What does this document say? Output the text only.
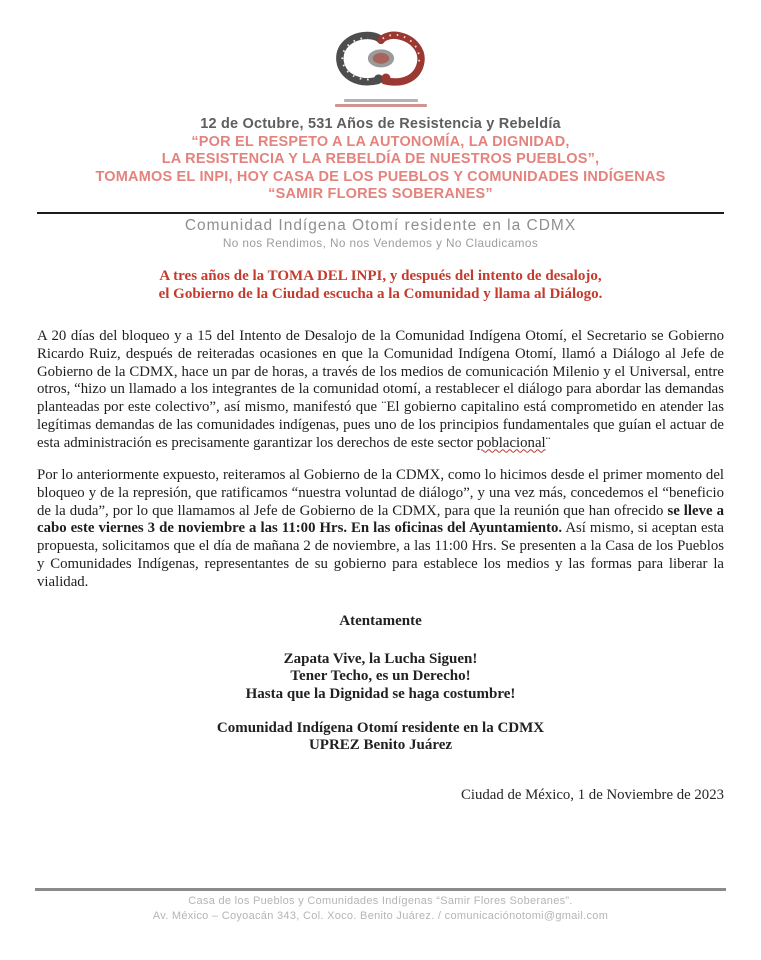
12 de Octubre, 531 Años de Resistencia y Rebeldía
“POR EL RESPETO A LA AUTONOMÍA, LA DIGNIDAD,
LA RESISTENCIA Y LA REBELDÍA DE NUESTROS PUEBLOS”,
TOMAMOS EL INPI, HOY CASA DE LOS PUEBLOS Y COMUNIDADES INDÍGENAS
“SAMIR FLORES SOBERANES”
Comunidad Indígena Otomí residente en la CDMX
No nos Rendimos, No nos Vendemos y No Claudicamos
A tres años de la TOMA DEL INPI, y después del intento de desalojo,
el Gobierno de la Ciudad escucha a la Comunidad y llama al Diálogo.

A 20 días del bloqueo y a 15 del Intento de Desalojo de la Comunidad Indígena Otomí, el Secretario se Gobierno Ricardo Ruiz, después de reiteradas ocasiones en que la Comunidad Indígena Otomí, llamó a Diálogo al Jefe de Gobierno de la CDMX, hace un par de horas, a través de los medios de comunicación Milenio y el Universal, entre otros, “hizo un llamado a los integrantes de la comunidad otomí, a restablecer el diálogo para abordar las demandas planteadas por este colectivo”, así mismo, manifestó que ¨El gobierno capitalino está comprometido en atender las legítimas demandas de las comunidades indígenas, pues uno de los principios fundamentales que guían el actuar de esta administración es precisamente garantizar los derechos de este sector poblacional¨

Por lo anteriormente expuesto, reiteramos al Gobierno de la CDMX, como lo hicimos desde el primer momento del bloqueo y de la represión, que ratificamos “nuestra voluntad de diálogo”, y una vez más, concedemos el “beneficio de la duda”, por lo que llamamos al Jefe de Gobierno de la CDMX, para que la reunión que han ofrecido se lleve a cabo este viernes 3 de noviembre a las 11:00 Hrs. En las oficinas del Ayuntamiento. Así mismo, si aceptan esta propuesta, solicitamos que el día de mañana 2 de noviembre, a las 11:00 Hrs. Se presenten a la Casa de los Pueblos y Comunidades Indígenas, representantes de su gobierno para establece los medios y las formas para liberar la vialidad.

Atentamente
Zapata Vive, la Lucha Siguen!
Tener Techo, es un Derecho!
Hasta que la Dignidad se haga costumbre!
Comunidad Indígena Otomí residente en la CDMX
UPREZ Benito Juárez
Ciudad de México, 1 de Noviembre de 2023
Casa de los Pueblos y Comunidades Indígenas “Samir Flores Soberanes”.
Av. México – Coyoacán 343, Col. Xoco. Benito Juárez. / comunicaciónotomi@gmail.com
